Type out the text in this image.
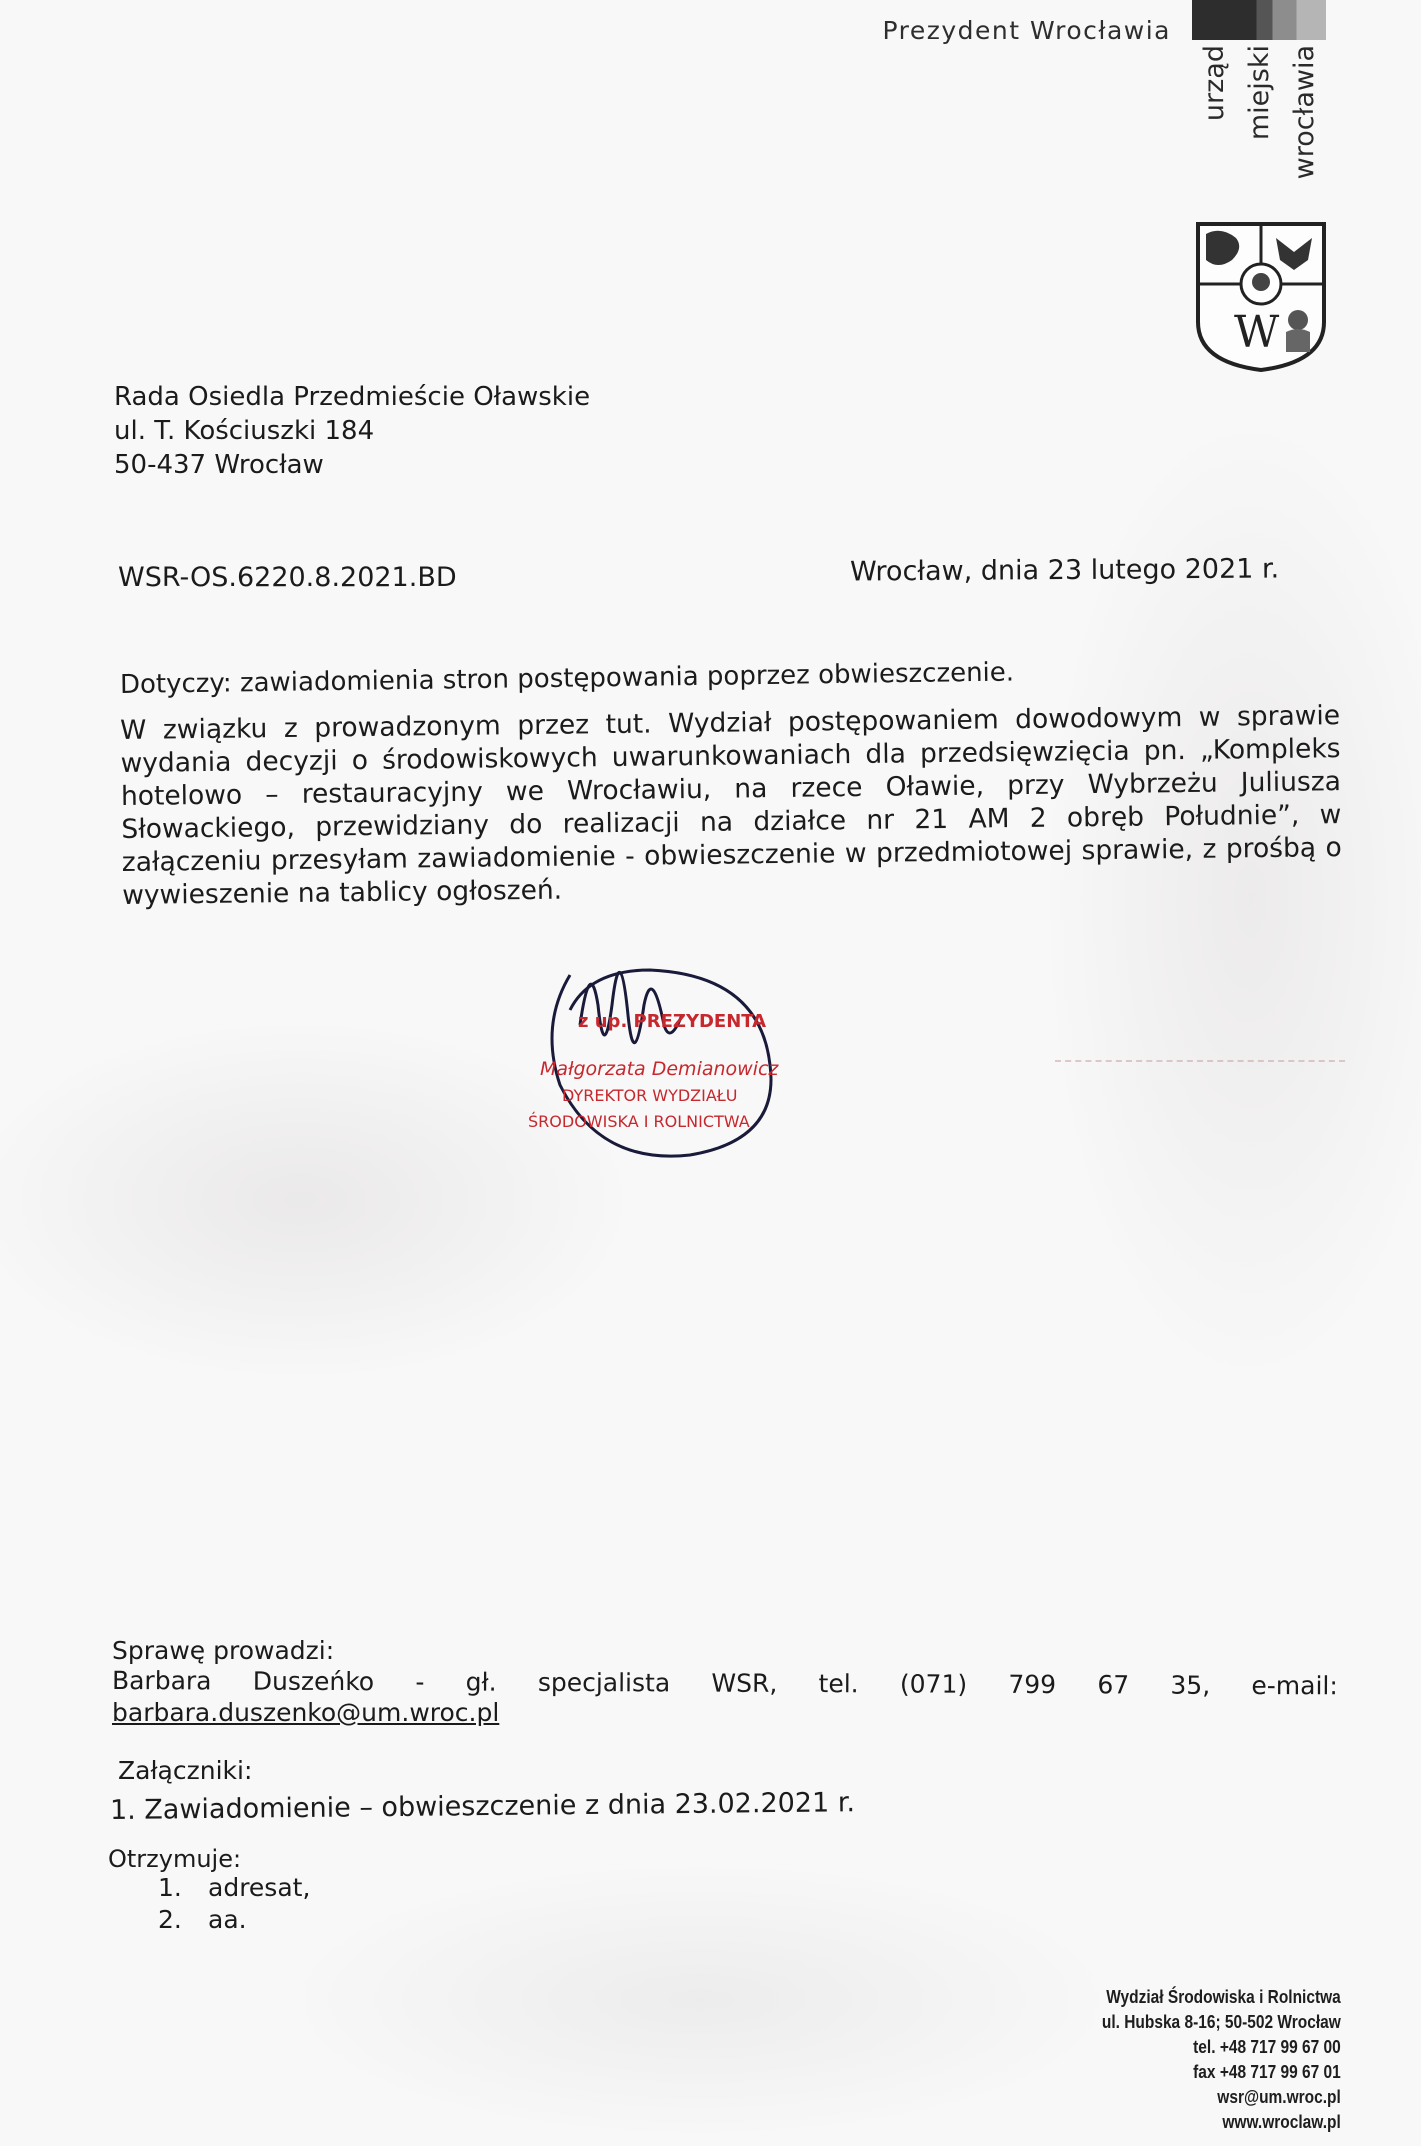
Prezydent Wrocławia
urząd miejski wrocławia
W
Rada Osiedla Przedmieście Oławskie
ul. T. Kościuszki 184
50-437 Wrocław
WSR-OS.6220.8.2021.BD	Wrocław, dnia 23 lutego 2021 r.
Dotyczy: zawiadomienia stron postępowania poprzez obwieszczenie.
W związku z prowadzonym przez tut. Wydział postępowaniem dowodowym w sprawie wydania decyzji o środowiskowych uwarunkowaniach dla przedsięwzięcia pn. „Kompleks hotelowo – restauracyjny we Wrocławiu, na rzece Oławie, przy Wybrzeżu Juliusza Słowackiego, przewidziany do realizacji na działce nr 21 AM 2 obręb Południe”, w załączeniu przesyłam zawiadomienie - obwieszczenie w przedmiotowej sprawie, z prośbą o wywieszenie na tablicy ogłoszeń.
z up. PREZYDENTA
Małgorzata Demianowicz
DYREKTOR WYDZIAŁU
ŚRODOWISKA I ROLNICTWA
Sprawę prowadzi:
Barbara Duszeńko - gł. specjalista WSR, tel. (071) 799 67 35, e-mail:
barbara.duszenko@um.wroc.pl
Załączniki:
1. Zawiadomienie – obwieszczenie z dnia 23.02.2021 r.
Otrzymuje:
1. adresat,
2. aa.
Wydział Środowiska i Rolnictwa
ul. Hubska 8-16; 50-502 Wrocław
tel. +48 717 99 67 00
fax +48 717 99 67 01
wsr@um.wroc.pl
www.wroclaw.pl
